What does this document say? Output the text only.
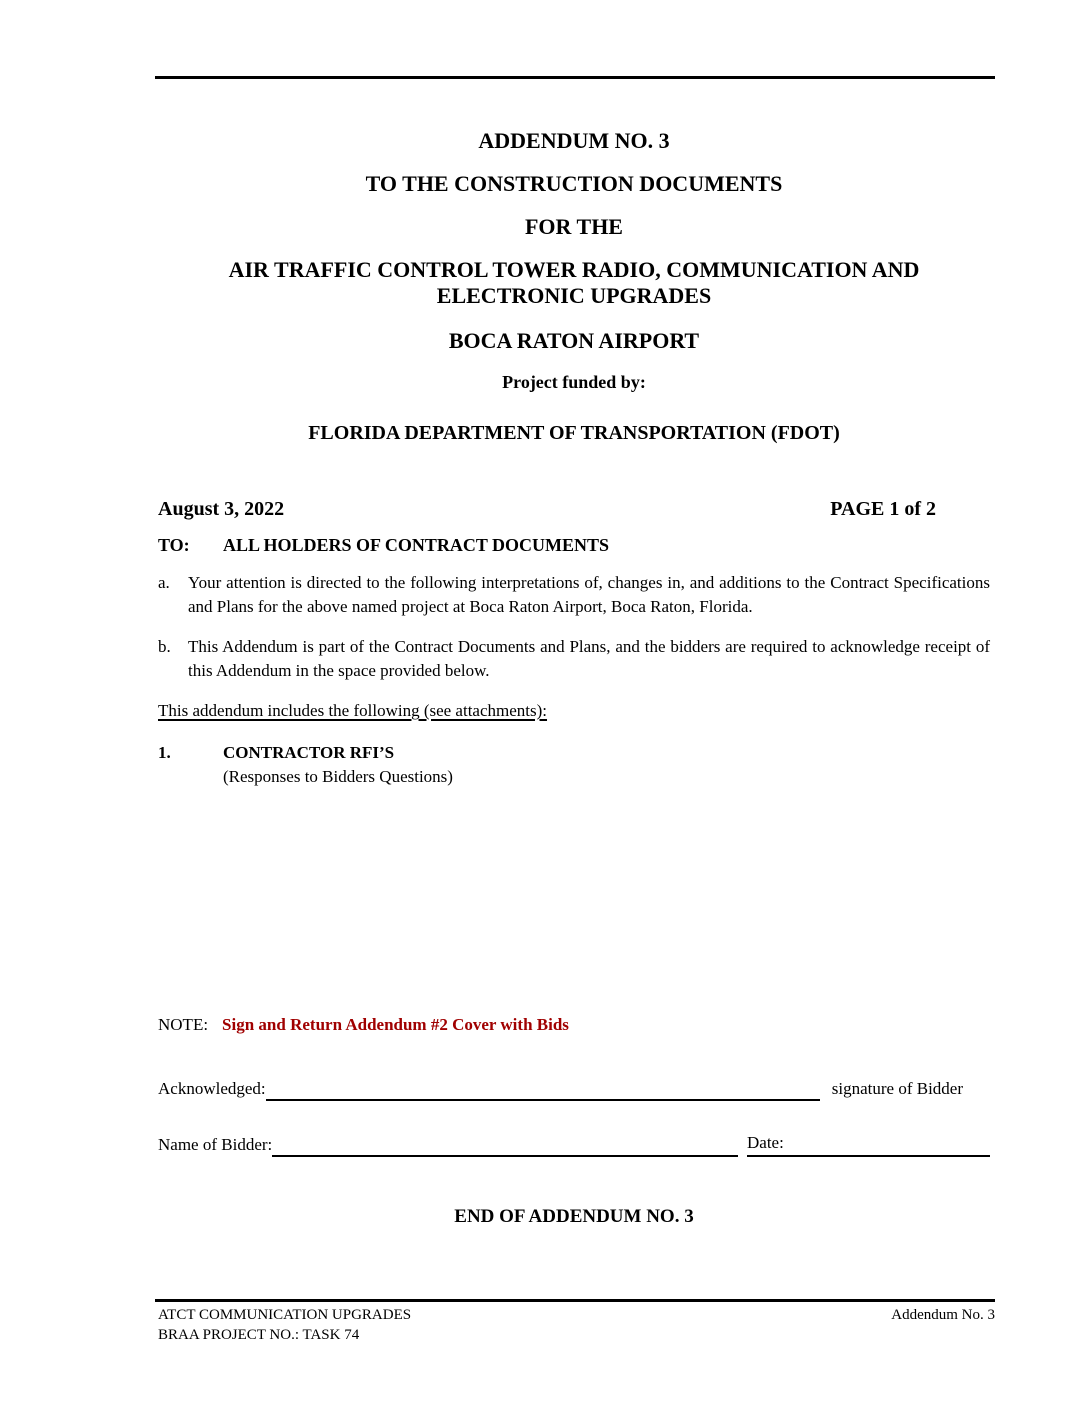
ADDENDUM NO. 3
TO THE CONSTRUCTION DOCUMENTS
FOR THE
AIR TRAFFIC CONTROL TOWER RADIO, COMMUNICATION AND ELECTRONIC UPGRADES
BOCA RATON AIRPORT
Project funded by:
FLORIDA DEPARTMENT OF TRANSPORTATION (FDOT)
August 3, 2022	PAGE 1 of 2
TO:	ALL HOLDERS OF CONTRACT DOCUMENTS
a.	Your attention is directed to the following interpretations of, changes in, and additions to the Contract Specifications and Plans for the above named project at Boca Raton Airport, Boca Raton, Florida.
b.	This Addendum is part of the Contract Documents and Plans, and the bidders are required to acknowledge receipt of this Addendum in the space provided below.
This addendum includes the following (see attachments):
1.	CONTRACTOR RFI’S
(Responses to Bidders Questions)
NOTE: Sign and Return Addendum #2 Cover with Bids
Acknowledged:	signature of Bidder
Name of Bidder:	Date:
END OF ADDENDUM NO. 3
ATCT COMMUNICATION UPGRADES
BRAA PROJECT NO.: TASK 74
Addendum No. 3
